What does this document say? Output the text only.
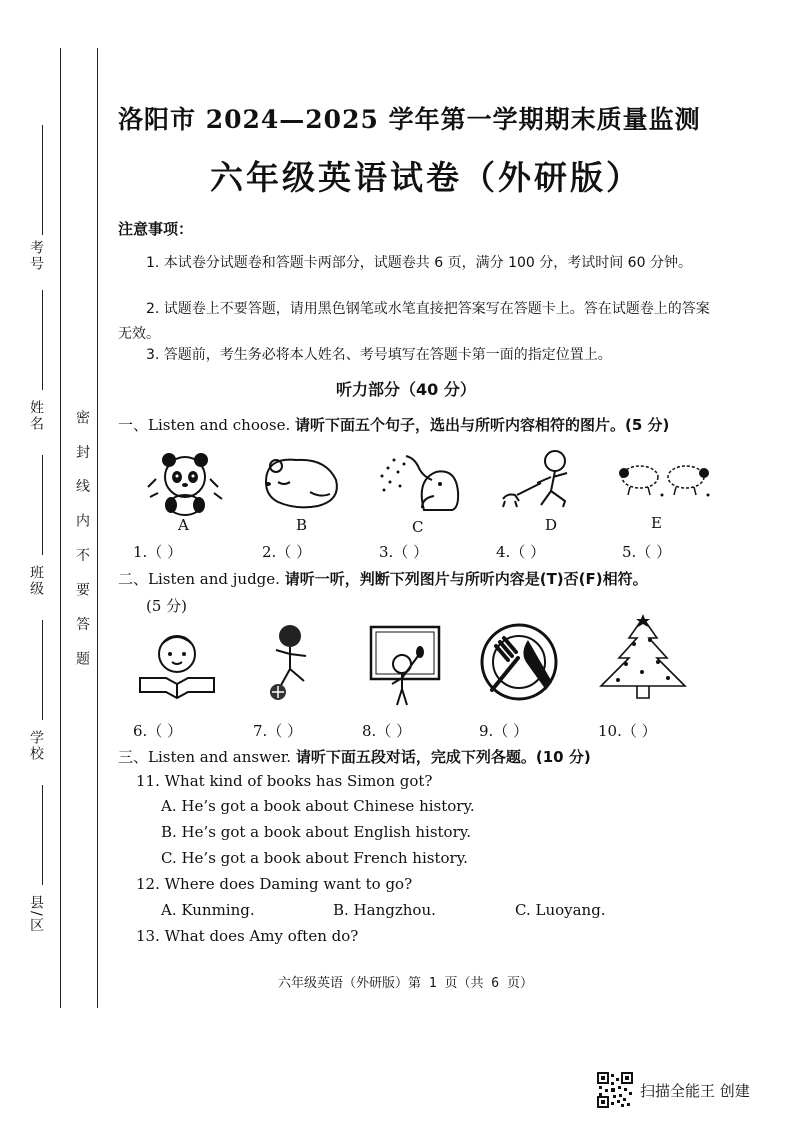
考号
姓名
班级
学校
县/区
密 封 线 内 不 要 答 题
洛阳市 2024—2025 学年第一学期期末质量监测
六年级英语试卷（外研版）
注意事项：
1. 本试卷分试题卷和答题卡两部分，试题卷共 6 页，满分 100 分，考试时间 60 分钟。
2. 试题卷上不要答题，请用黑色钢笔或水笔直接把答案写在答题卡上。答在试题卷上的答案无效。
3. 答题前，考生务必将本人姓名、考号填写在答题卡第一面的指定位置上。
听力部分（40 分）
一、Listen and choose. 请听下面五个句子，选出与所听内容相符的图片。(5 分)
A	B	C	D	E
1.（ ）	2.（ ）	3.（ ）	4.（ ）	5.（ ）
二、Listen and judge. 请听一听，判断下列图片与所听内容是(T)否(F)相符。
(5 分)
6.（ ）	7.（ ）	8.（ ）	9.（ ）	10.（ ）
三、Listen and answer. 请听下面五段对话，完成下列各题。(10 分)
11. What kind of books has Simon got?
A. He’s got a book about Chinese history.
B. He’s got a book about English history.
C. He’s got a book about French history.
12. Where does Daming want to go?
A. Kunming.	B. Hangzhou.	C. Luoyang.
13. What does Amy often do?
六年级英语（外研版）第 1 页（共 6 页）
扫描全能王 创建
